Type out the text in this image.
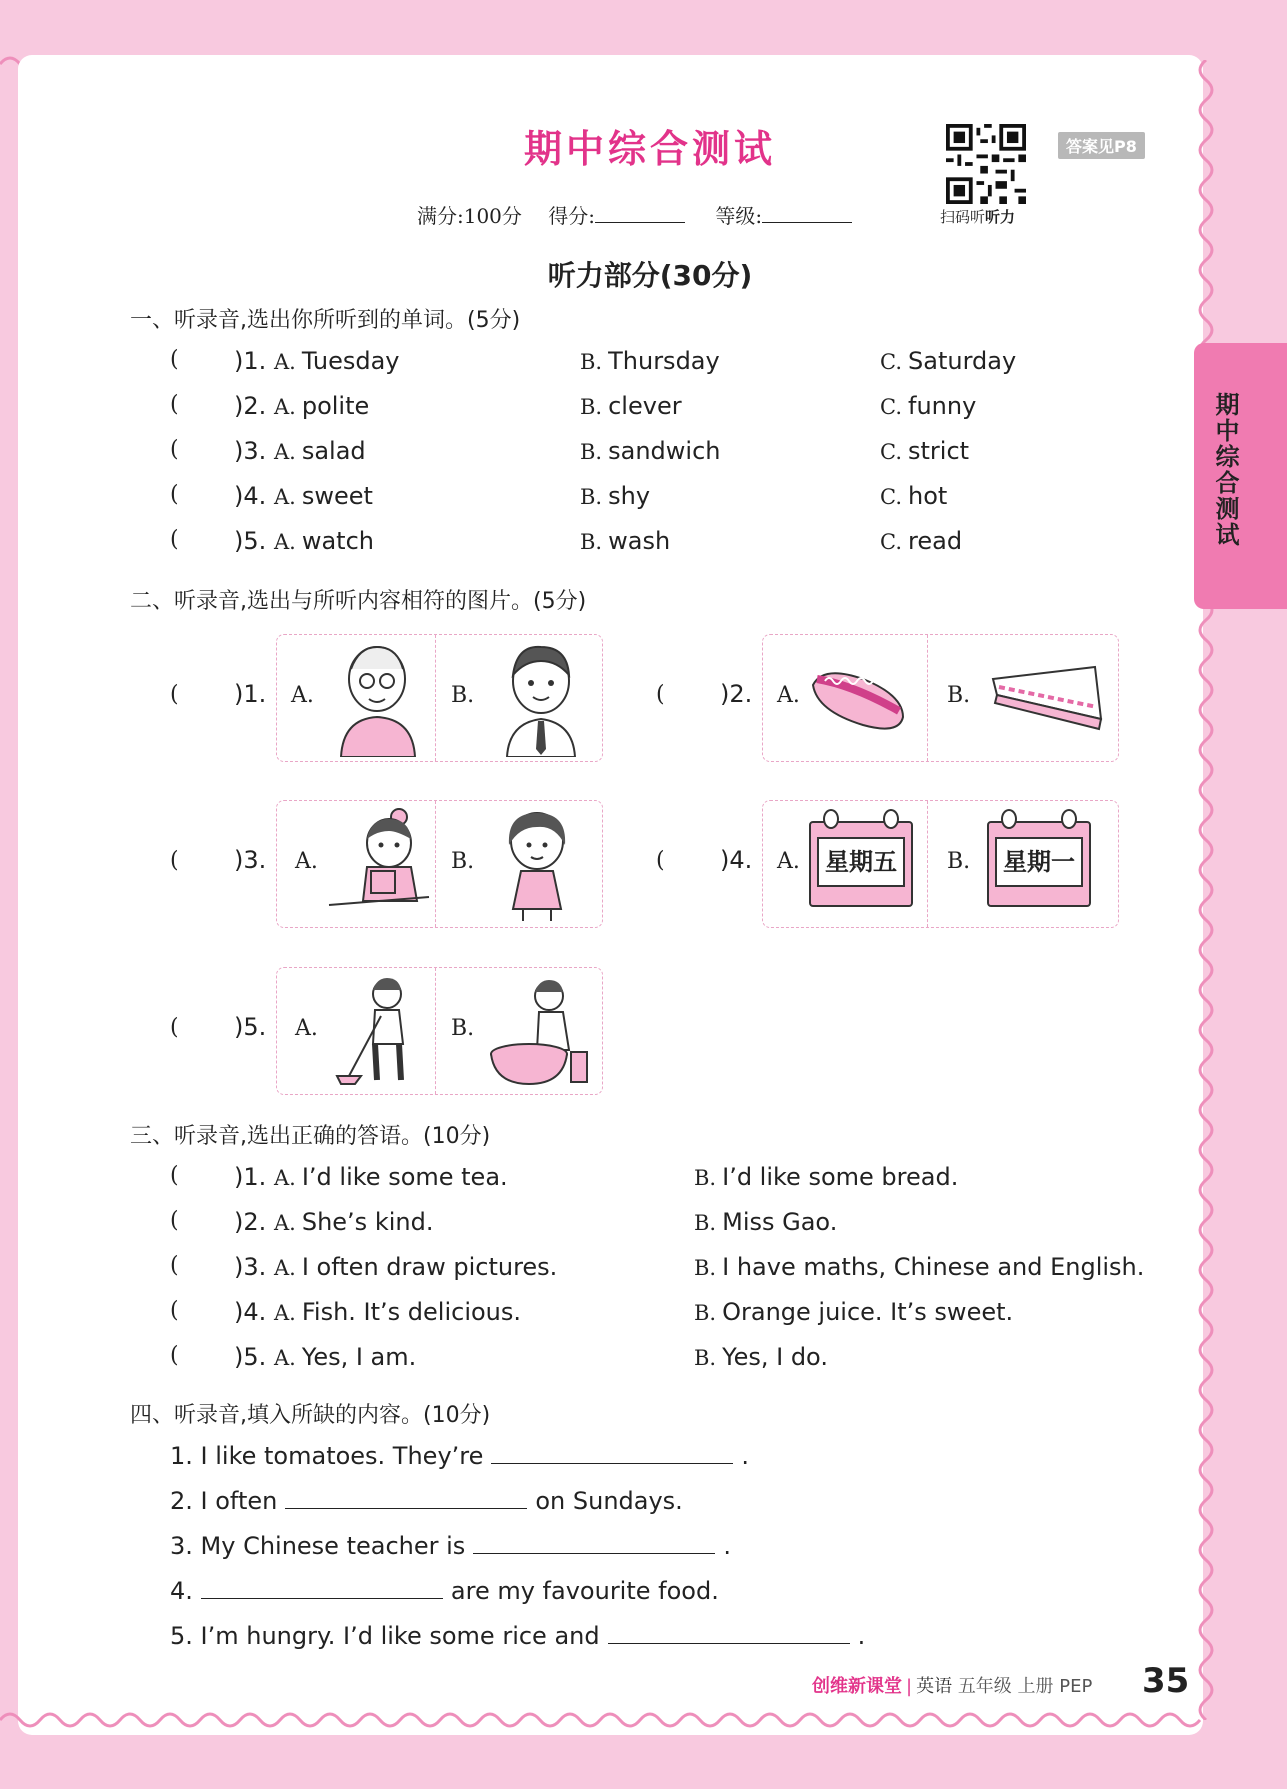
期中综合测试
扫码听听力
答案见P8
满分:100分 得分:	等级:
期中综合测试
听力部分(30分)
一、听录音,选出你所听到的单词。(5分)
( )1. A. Tuesday	B. Thursday	C. Saturday
( )2. A. polite	B. clever	C. funny
( )3. A. salad	B. sandwich	C. strict
( )4. A. sweet	B. shy	C. hot
( )5. A. watch	B. wash	C. read
二、听录音,选出与所听内容相符的图片。(5分)
( )1. A.	B.	( )2. A.	B.
( )3. A.	B.	( )4. A.	星期五	B.	星期一
( )5. A.	B.
三、听录音,选出正确的答语。(10分)
( )1. A. I’d like some tea.	B. I’d like some bread.
( )2. A. She’s kind.	B. Miss Gao.
( )3. A. I often draw pictures.	B. I have maths, Chinese and English.
( )4. A. Fish. It’s delicious.	B. Orange juice. It’s sweet.
( )5. A. Yes, I am.	B. Yes, I do.
四、听录音,填入所缺的内容。(10分)
1. I like tomatoes. They’re	.
2. I often	on Sundays.
3. My Chinese teacher is	.
4.	are my favourite food.
5. I’m hungry. I’d like some rice and	.
创维新课堂 | 英语 五年级 上册 PEP 35
